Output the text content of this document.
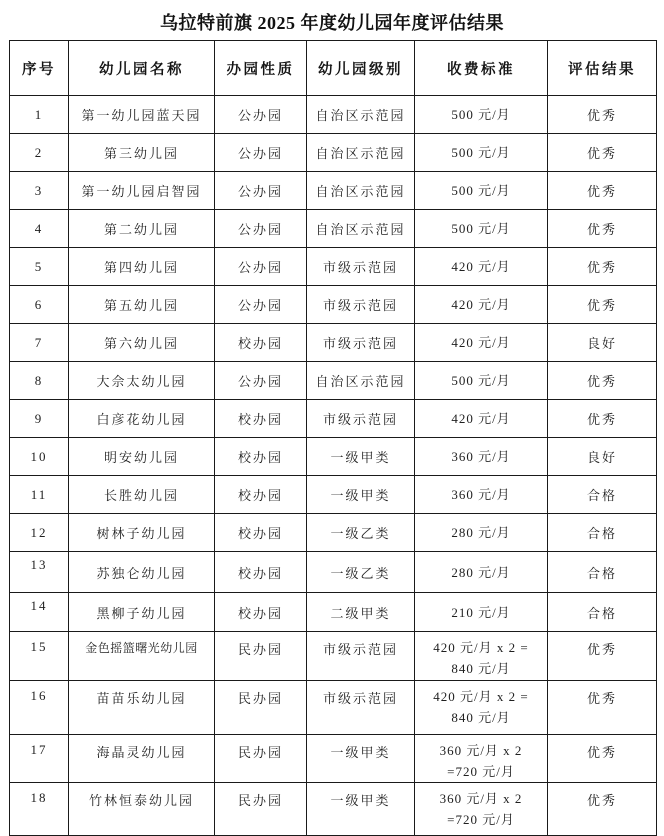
乌拉特前旗 2025 年度幼儿园年度评估结果
序号	幼儿园名称	办园性质	幼儿园级别	收费标准	评估结果
1	第一幼儿园蓝天园	公办园	自治区示范园	500 元/月	优秀
2	第三幼儿园	公办园	自治区示范园	500 元/月	优秀
3	第一幼儿园启智园	公办园	自治区示范园	500 元/月	优秀
4	第二幼儿园	公办园	自治区示范园	500 元/月	优秀
5	第四幼儿园	公办园	市级示范园	420 元/月	优秀
6	第五幼儿园	公办园	市级示范园	420 元/月	优秀
7	第六幼儿园	校办园	市级示范园	420 元/月	良好
8	大佘太幼儿园	公办园	自治区示范园	500 元/月	优秀
9	白彦花幼儿园	校办园	市级示范园	420 元/月	优秀
10	明安幼儿园	校办园	一级甲类	360 元/月	良好
11	长胜幼儿园	校办园	一级甲类	360 元/月	合格
12	树林子幼儿园	校办园	一级乙类	280 元/月	合格
13	苏独仑幼儿园	校办园	一级乙类	280 元/月	合格
14	黑柳子幼儿园	校办园	二级甲类	210 元/月	合格
15	金色摇篮曙光幼儿园	民办园	市级示范园	420 元/月 x 2 =
840 元/月	优秀
16	苗苗乐幼儿园	民办园	市级示范园	420 元/月 x 2 =
840 元/月	优秀
17	海晶灵幼儿园	民办园	一级甲类	360 元/月 x 2
=720 元/月	优秀
18	竹林恒泰幼儿园	民办园	一级甲类	360 元/月 x 2
=720 元/月	优秀
